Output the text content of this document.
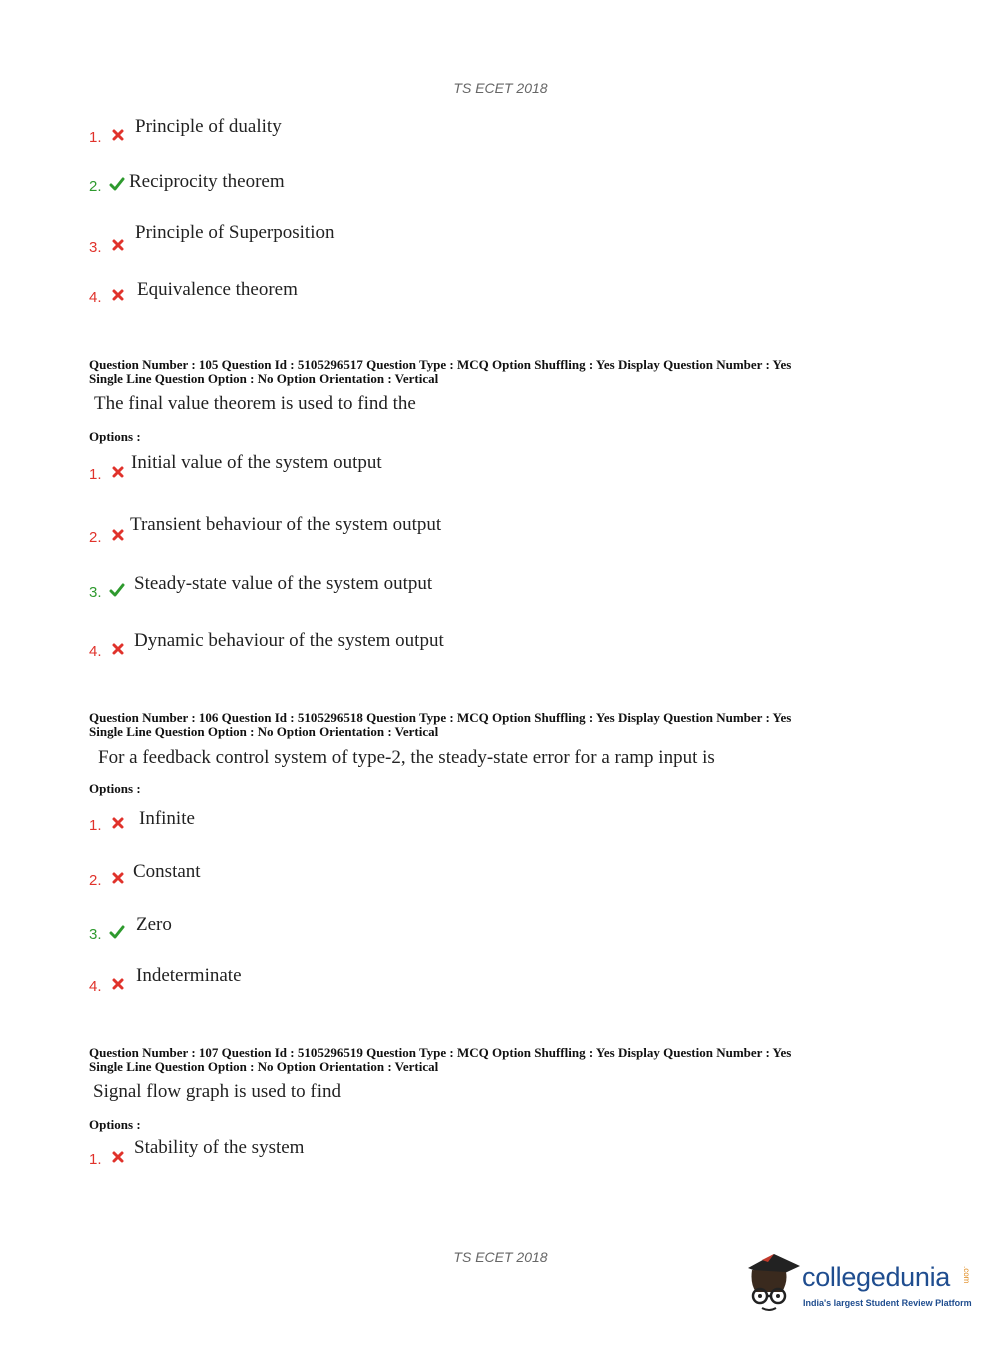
TS ECET 2018
1.
Principle of duality
2. Reciprocity theorem
3.
Principle of Superposition
4. Equivalence theorem
Question Number : 105 Question Id : 5105296517 Question Type : MCQ Option Shuffling : Yes Display Question Number : Yes
Single Line Question Option : No Option Orientation : Vertical
The final value theorem is used to find the
Options :
1.
Initial value of the system output
2.
Transient behaviour of the system output
3. Steady-state value of the system output
4.
Dynamic behaviour of the system output
Question Number : 106 Question Id : 5105296518 Question Type : MCQ Option Shuffling : Yes Display Question Number : Yes
Single Line Question Option : No Option Orientation : Vertical
For a feedback control system of type-2, the steady-state error for a ramp input is
Options :
1. Infinite
2. Constant
3. Zero
4.
Indeterminate
Question Number : 107 Question Id : 5105296519 Question Type : MCQ Option Shuffling : Yes Display Question Number : Yes
Single Line Question Option : No Option Orientation : Vertical
Signal flow graph is used to find
Options :
1.
Stability of the system
TS ECET 2018
collegedunia .com
India's largest Student Review Platform
